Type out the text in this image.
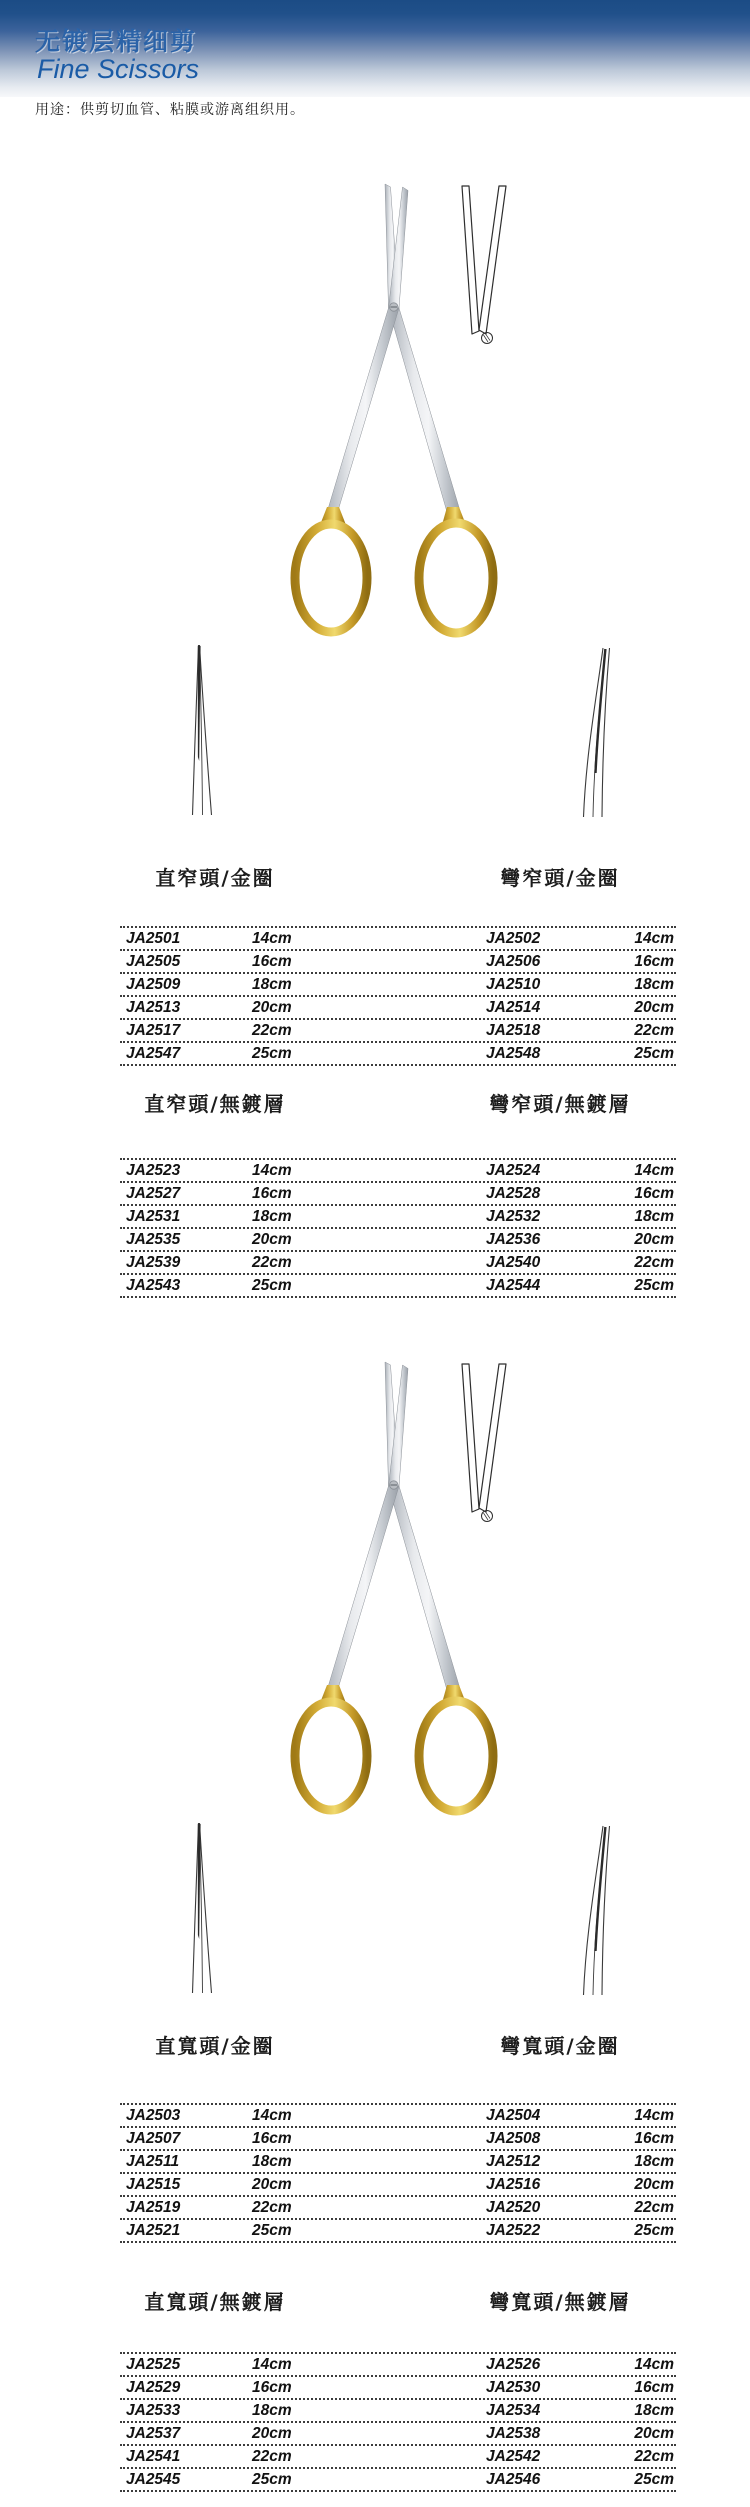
无镀层精细剪
Fine Scissors
用途：供剪切血管、粘膜或游离组织用。
直窄頭/金圈	彎窄頭/金圈
JA2501	14cm	JA2502	14cm
JA2505	16cm	JA2506	16cm
JA2509	18cm	JA2510	18cm
JA2513	20cm	JA2514	20cm
JA2517	22cm	JA2518	22cm
JA2547	25cm	JA2548	25cm
直窄頭/無鍍層	彎窄頭/無鍍層
JA2523	14cm	JA2524	14cm
JA2527	16cm	JA2528	16cm
JA2531	18cm	JA2532	18cm
JA2535	20cm	JA2536	20cm
JA2539	22cm	JA2540	22cm
JA2543	25cm	JA2544	25cm
直寬頭/金圈	彎寬頭/金圈
JA2503	14cm	JA2504	14cm
JA2507	16cm	JA2508	16cm
JA2511	18cm	JA2512	18cm
JA2515	20cm	JA2516	20cm
JA2519	22cm	JA2520	22cm
JA2521	25cm	JA2522	25cm
直寬頭/無鍍層	彎寬頭/無鍍層
JA2525	14cm	JA2526	14cm
JA2529	16cm	JA2530	16cm
JA2533	18cm	JA2534	18cm
JA2537	20cm	JA2538	20cm
JA2541	22cm	JA2542	22cm
JA2545	25cm	JA2546	25cm
